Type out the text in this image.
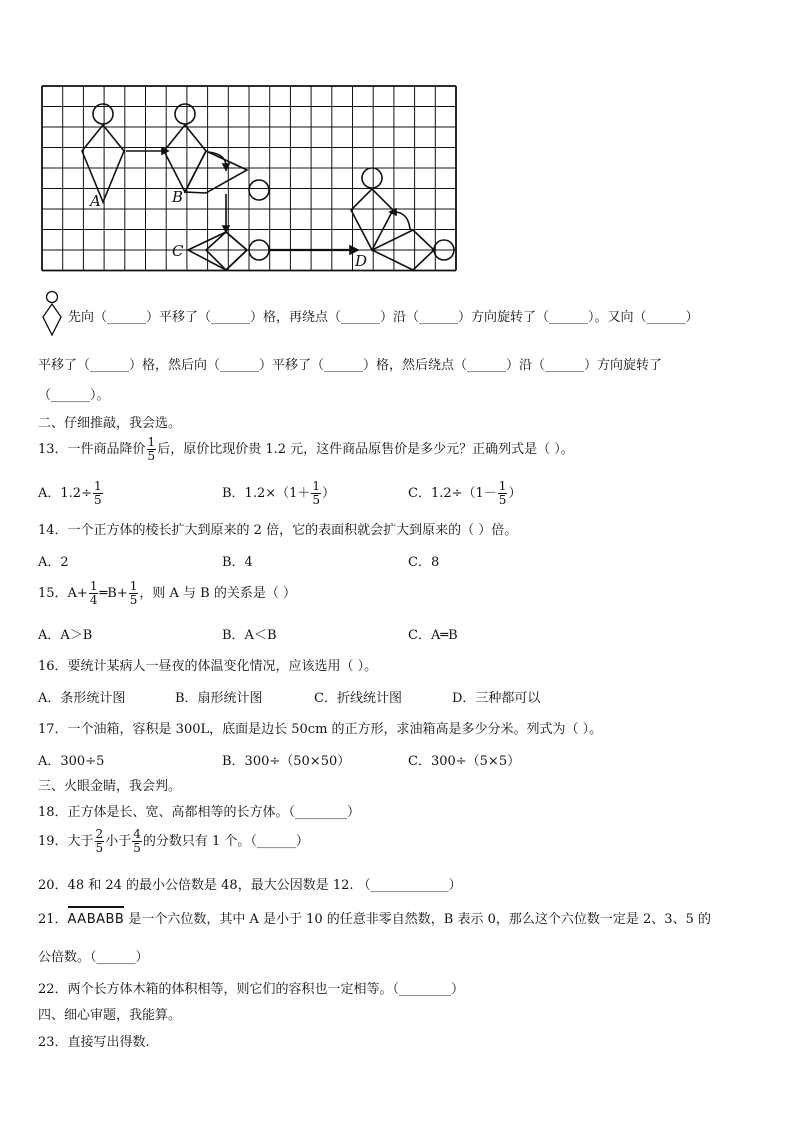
A	B
C
D
先向（______）平移了（______）格，再绕点（______）沿（______）方向旋转了（______）。又向（______）
平移了（______）格，然后向（______）平移了（______）格，然后绕点（______）沿（______）方向旋转了
（______）。
二、仔细推敲，我会选。
13．一件商品降价 $\frac{1}{5}$ 后，原价比现价贵 1.2 元，这件商品原售价是多少元？正确列式是（ ）。
A．$1.2\div \frac{1}{5}$	B．$1.2\times(1+ \frac{1}{5}$ ）	C．$1.2\div(1- \frac{1}{5}$ ）
14．一个正方体的棱长扩大到原来的 2 倍，它的表面积就会扩大到原来的（ ）倍。
A．2	B．4	C．8
15．$A+ \frac{1}{4}$ ═B+ $\frac{1}{5}$ ，则 A 与 B 的关系是（ ）
A．A＞B	B．A＜B	C．A═B
16．要统计某病人一昼夜的体温变化情况，应该选用（ ）。
A．条形统计图	B．扇形统计图	C．折线统计图	D．三种都可以
17．一个油箱，容积是 300L，底面是边长 50cm 的正方形，求油箱高是多少分米。列式为（ ）。
A．300÷5	B．300÷（50×50）	C．300÷（5×5）
三、火眼金睛，我会判。
18．正方体是长、宽、高都相等的长方体。（________）
19．大于 $\frac{2}{5}$ 小于 $\frac{4}{5}$ 的分数只有 1 个。（______）
20．48 和 24 的最小公倍数是 48，最大公因数是 12. （____________）
21．AABABB 是一个六位数，其中 A 是小于 10 的任意非零自然数，B 表示 0，那么这个六位数一定是 2、3、5 的
公倍数。（______）
22．两个长方体木箱的体积相等，则它们的容积也一定相等。（________）
四、细心审题，我能算。
23．直接写出得数.
